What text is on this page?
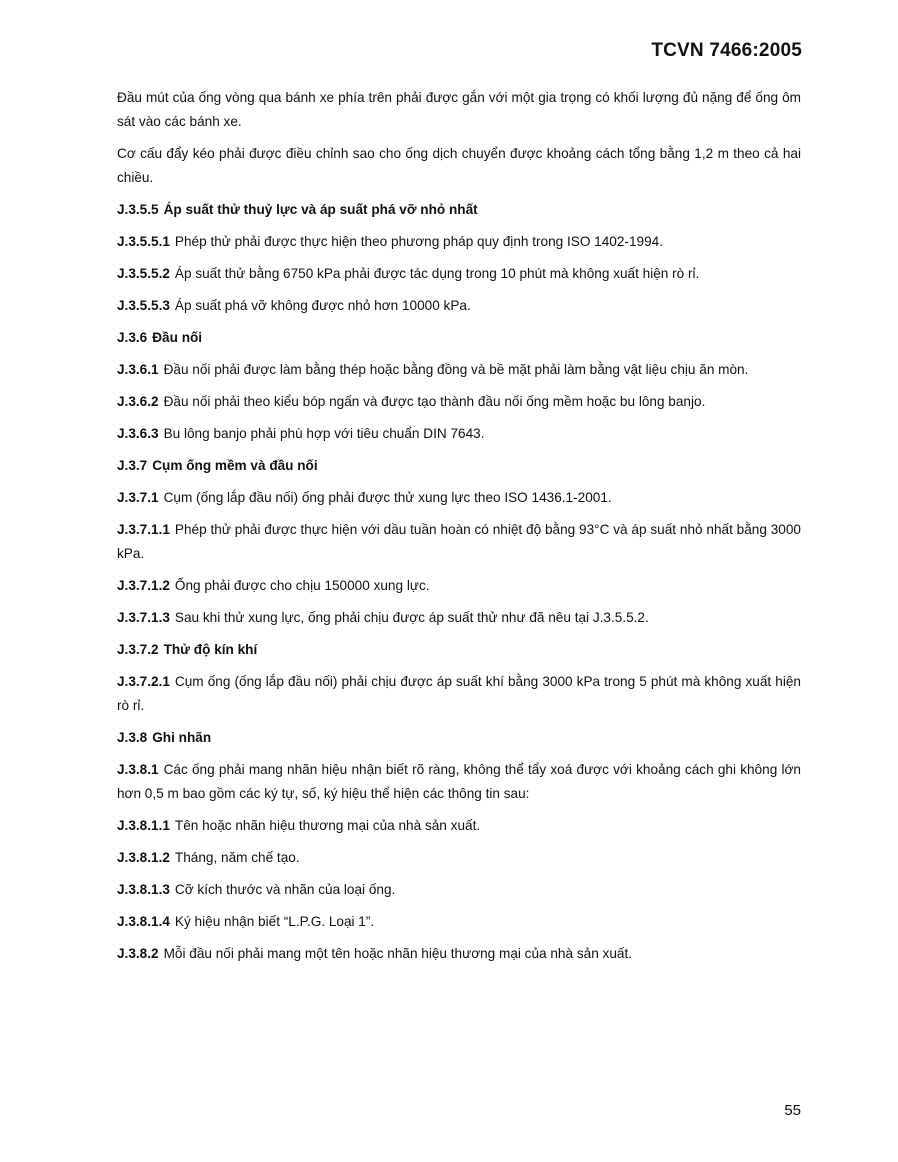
TCVN 7466:2005

Đầu mút của ống vòng qua bánh xe phía trên phải được gắn với một gia trọng có khối lượng đủ nặng để ống ôm sát vào các bánh xe.

Cơ cấu đẩy kéo phải được điều chỉnh sao cho ống dịch chuyển được khoảng cách tổng bằng 1,2 m theo cả hai chiều.

J.3.5.5 Áp suất thử thuỷ lực và áp suất phá vỡ nhỏ nhất

J.3.5.5.1 Phép thử phải được thực hiện theo phương pháp quy định trong ISO 1402-1994.

J.3.5.5.2 Áp suất thử bằng 6750 kPa phải được tác dụng trong 10 phút mà không xuất hiện rò rỉ.

J.3.5.5.3 Áp suất phá vỡ không được nhỏ hơn 10000 kPa.

J.3.6 Đầu nối

J.3.6.1 Đầu nối phải được làm bằng thép hoặc bằng đồng và bề mặt phải làm bằng vật liệu chịu ăn mòn.

J.3.6.2 Đầu nối phải theo kiểu bóp ngấn và được tạo thành đầu nối ống mềm hoặc bu lông banjo.

J.3.6.3 Bu lông banjo phải phù hợp với tiêu chuẩn DIN 7643.

J.3.7 Cụm ống mềm và đầu nối

J.3.7.1 Cụm (ống lắp đầu nối) ống phải được thử xung lực theo ISO 1436.1-2001.

J.3.7.1.1 Phép thử phải được thực hiện với dầu tuần hoàn có nhiệt độ bằng 93°C và áp suất nhỏ nhất bằng 3000 kPa.

J.3.7.1.2 Ống phải được cho chịu 150000 xung lực.

J.3.7.1.3 Sau khi thử xung lực, ống phải chịu được áp suất thử như đã nêu tại J.3.5.5.2.

J.3.7.2 Thử độ kín khí

J.3.7.2.1 Cụm ống (ống lắp đầu nối) phải chịu được áp suất khí bằng 3000 kPa trong 5 phút mà không xuất hiện rò rỉ.

J.3.8 Ghi nhãn

J.3.8.1 Các ống phải mang nhãn hiệu nhận biết rõ ràng, không thể tẩy xoá được với khoảng cách ghi không lớn hơn 0,5 m bao gồm các ký tự, số, ký hiệu thể hiện các thông tin sau:

J.3.8.1.1 Tên hoặc nhãn hiệu thương mại của nhà sản xuất.

J.3.8.1.2 Tháng, năm chế tạo.

J.3.8.1.3 Cỡ kích thước và nhãn của loại ống.

J.3.8.1.4 Ký hiệu nhận biết “L.P.G. Loại 1”.

J.3.8.2 Mỗi đầu nối phải mang một tên hoặc nhãn hiệu thương mại của nhà sản xuất.

55
